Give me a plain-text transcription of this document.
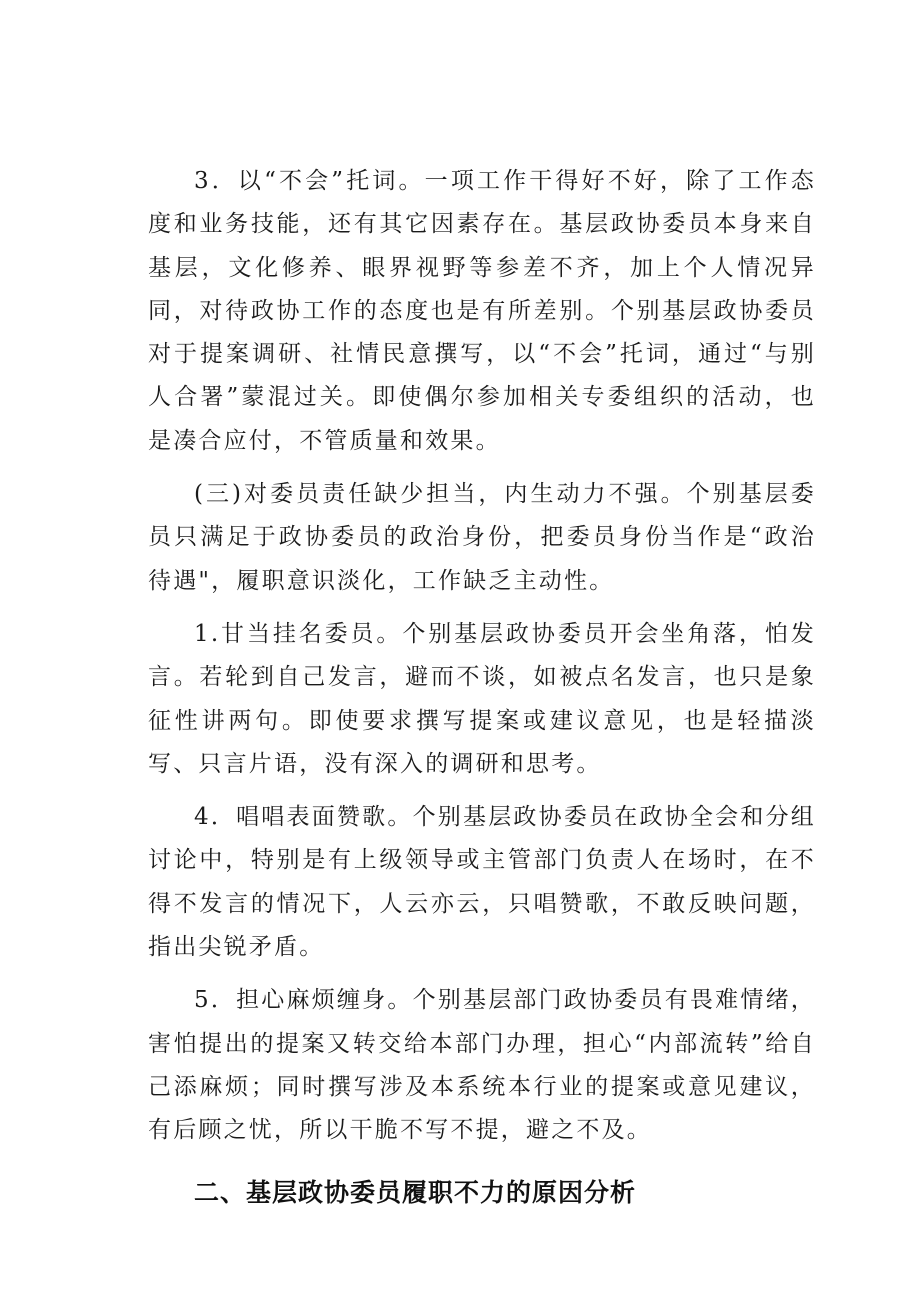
3．以“不会”托词。一项工作干得好不好，除了工作态度和业务技能，还有其它因素存在。基层政协委员本身来自基层，文化修养、眼界视野等参差不齐，加上个人情况异同，对待政协工作的态度也是有所差别。个别基层政协委员对于提案调研、社情民意撰写，以“不会”托词，通过“与别人合署”蒙混过关。即使偶尔参加相关专委组织的活动，也是凑合应付，不管质量和效果。

(三)对委员责任缺少担当，内生动力不强。个别基层委员只满足于政协委员的政治身份，把委员身份当作是“政治待遇"，履职意识淡化，工作缺乏主动性。

1.甘当挂名委员。个别基层政协委员开会坐角落，怕发言。若轮到自己发言，避而不谈，如被点名发言，也只是象征性讲两句。即使要求撰写提案或建议意见，也是轻描淡写、只言片语，没有深入的调研和思考。

4．唱唱表面赞歌。个别基层政协委员在政协全会和分组讨论中，特别是有上级领导或主管部门负责人在场时，在不得不发言的情况下，人云亦云，只唱赞歌，不敢反映问题，指出尖锐矛盾。

5．担心麻烦缠身。个别基层部门政协委员有畏难情绪，害怕提出的提案又转交给本部门办理，担心“内部流转”给自己添麻烦；同时撰写涉及本系统本行业的提案或意见建议，有后顾之忧，所以干脆不写不提，避之不及。

二、基层政协委员履职不力的原因分析
